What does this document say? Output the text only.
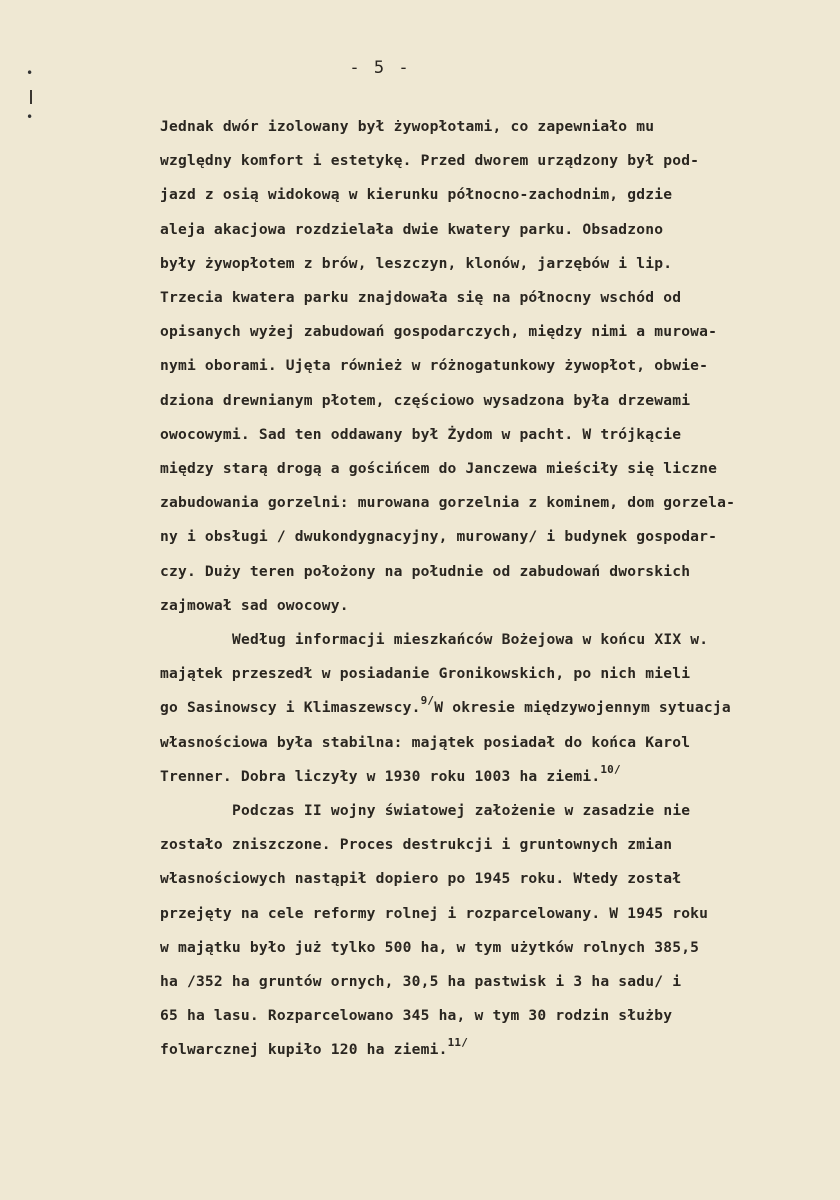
- 5 -
•
•
Jednak dwór izolowany był żywopłotami, co zapewniało mu
względny komfort i estetykę. Przed dworem urządzony był pod-
jazd z osią widokową w kierunku północno-zachodnim, gdzie
aleja akacjowa rozdzielała dwie kwatery parku. Obsadzono
były żywopłotem z brów, leszczyn, klonów, jarzębów i lip.
Trzecia kwatera parku znajdowała się na północny wschód od
opisanych wyżej zabudowań gospodarczych, między nimi a murowa-
nymi oborami. Ujęta również w różnogatunkowy żywopłot, obwie-
dziona drewnianym płotem, częściowo wysadzona była drzewami
owocowymi. Sad ten oddawany był Żydom w pacht. W trójkącie
między starą drogą a gościńcem do Janczewa mieściły się liczne
zabudowania gorzelni: murowana gorzelnia z kominem, dom gorzela-
ny i obsługi / dwukondygnacyjny, murowany/ i budynek gospodar-
czy. Duży teren położony na południe od zabudowań dworskich
zajmował sad owocowy.
Według informacji mieszkańców Bożejowa w końcu XIX w.
majątek przeszedł w posiadanie Gronikowskich, po nich mieli
go Sasinowscy i Klimaszewscy.$^{9/}$W okresie międzywojennym sytuacja
własnościowa była stabilna: majątek posiadał do końca Karol
Trenner. Dobra liczyły w 1930 roku 1003 ha ziemi.$^{10/}$
Podczas II wojny światowej założenie w zasadzie nie
zostało zniszczone. Proces destrukcji i gruntownych zmian
własnościowych nastąpił dopiero po 1945 roku. Wtedy został
przejęty na cele reformy rolnej i rozparcelowany. W 1945 roku
w majątku było już tylko 500 ha, w tym użytków rolnych 385,5
ha /352 ha gruntów ornych, 30,5 ha pastwisk i 3 ha sadu/ i
65 ha lasu. Rozparcelowano 345 ha, w tym 30 rodzin służby
folwarcznej kupiło 120 ha ziemi.$^{11/}$
